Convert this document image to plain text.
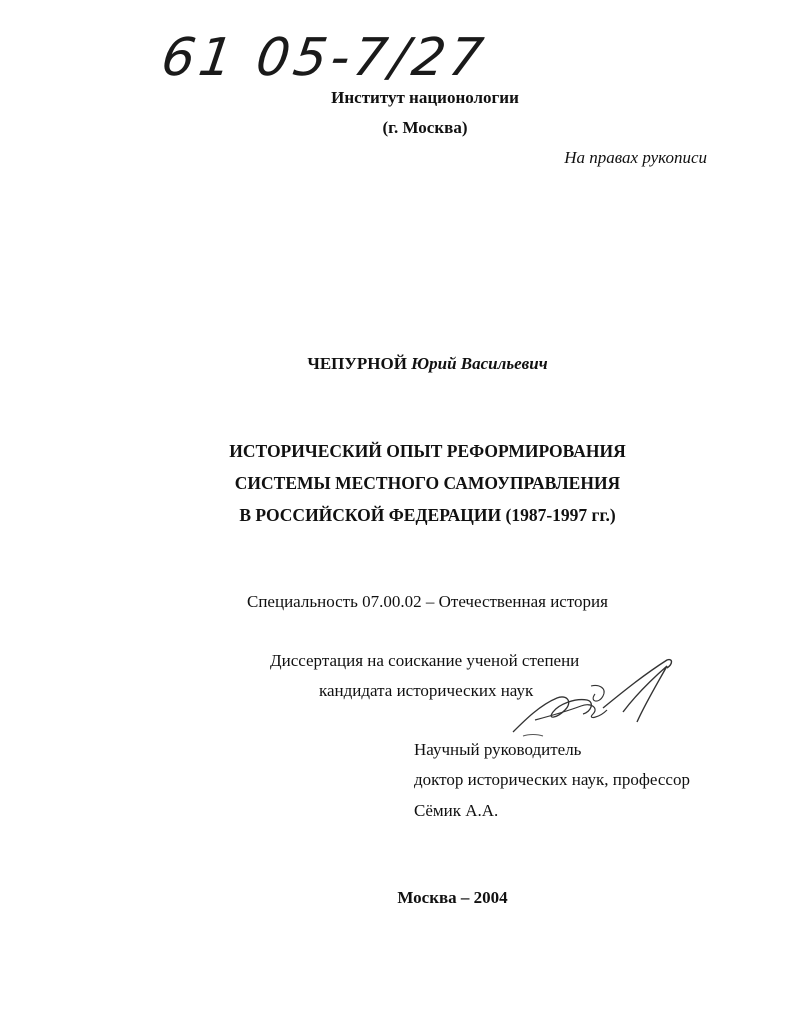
61 05-7/27
Институт национологии
(г. Москва)
На правах рукописи
ЧЕПУРНОЙ Юрий Васильевич
ИСТОРИЧЕСКИЙ ОПЫТ РЕФОРМИРОВАНИЯ
СИСТЕМЫ МЕСТНОГО САМОУПРАВЛЕНИЯ
В РОССИЙСКОЙ ФЕДЕРАЦИИ (1987-1997 гг.)
Специальность 07.00.02 – Отечественная история
Диссертация на соискание ученой степени
кандидата исторических наук
Научный руководитель
доктор исторических наук, профессор
Сёмик А.А.
Москва – 2004
